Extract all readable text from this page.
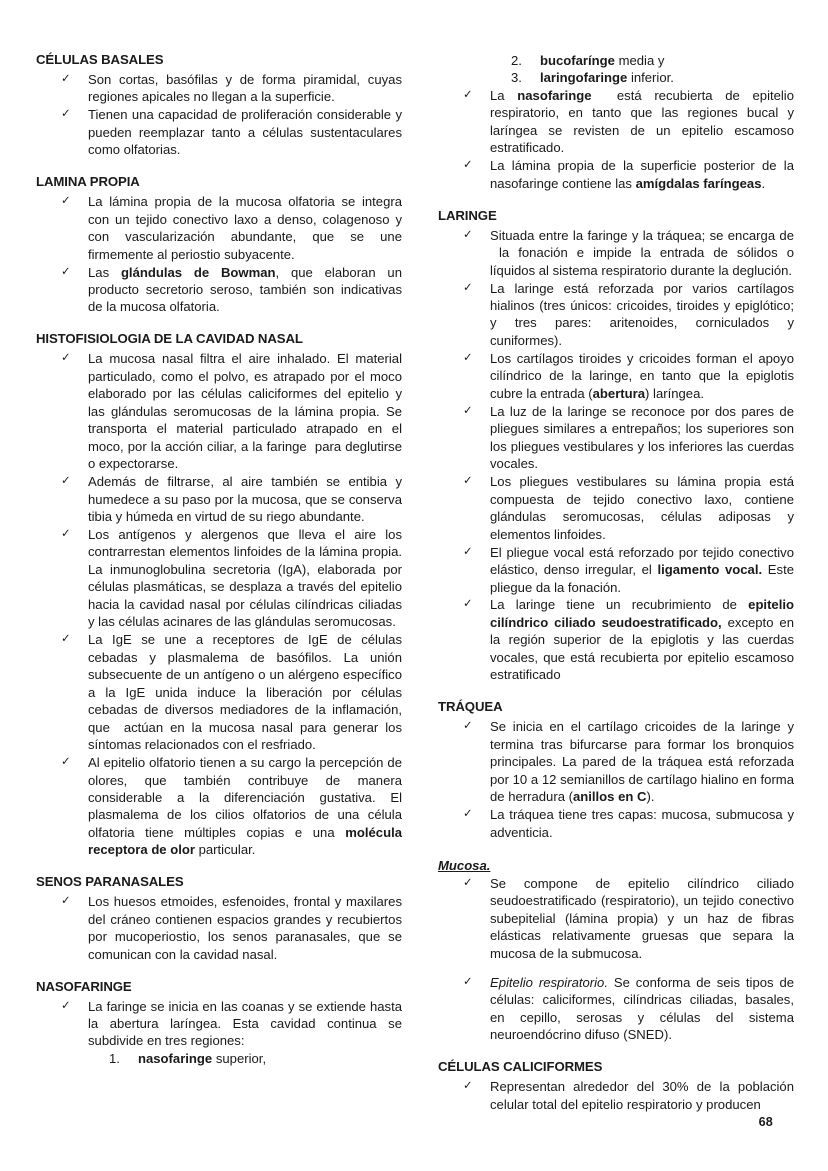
CÉLULAS BASALES
✓ Son cortas, basófilas y de forma piramidal, cuyas regiones apicales no llegan a la superficie.
✓ Tienen una capacidad de proliferación considerable y pueden reemplazar tanto a células sustentaculares como olfatorias.
LAMINA PROPIA
✓ La lámina propia de la mucosa olfatoria se integra con un tejido conectivo laxo a denso, colagenoso y con vascularización abundante, que se une firmemente al periostio subyacente.
✓ Las glándulas de Bowman, que elaboran un producto secretorio seroso, también son indicativas de la mucosa olfatoria.
HISTOFISIOLOGIA DE LA CAVIDAD NASAL
✓ La mucosa nasal filtra el aire inhalado. El material particulado, como el polvo, es atrapado por el moco elaborado por las células caliciformes del epitelio y las glándulas seromucosas de la lámina propia. Se transporta el material particulado atrapado en el moco, por la acción ciliar, a la faringe  para deglutirse o expectorarse.
✓ Además de filtrarse, al aire también se entibia y humedece a su paso por la mucosa, que se conserva tibia y húmeda en virtud de su riego abundante.
✓ Los antígenos y alergenos que lleva el aire los contrarrestan elementos linfoides de la lámina propia. La inmunoglobulina secretoria (IgA), elaborada por células plasmáticas, se desplaza a través del epitelio hacia la cavidad nasal por células cilíndricas ciliadas y las células acinares de las glándulas seromucosas.
✓ La IgE se une a receptores de IgE de células cebadas y plasmalema de basófilos. La unión subsecuente de un antígeno o un alérgeno específico a la IgE unida induce la liberación por células cebadas de diversos mediadores de la inflamación, que  actúan en la mucosa nasal para generar los síntomas relacionados con el resfriado.
✓ Al epitelio olfatorio tienen a su cargo la percepción de olores, que también contribuye de manera considerable a la diferenciación gustativa. El plasmalema de los cilios olfatorios de una célula olfatoria tiene múltiples copias e una molécula receptora de olor particular.
SENOS PARANASALES
✓ Los huesos etmoides, esfenoides, frontal y maxilares del cráneo contienen espacios grandes y recubiertos por mucoperiostio, los senos paranasales, que se comunican con la cavidad nasal.
NASOFARINGE
✓ La faringe se inicia en las coanas y se extiende hasta la abertura laríngea. Esta cavidad continua se subdivide en tres regiones:
1. nasofaringe superior,
2. bucofarínge media y
3. laringofaringe inferior.
✓ La nasofaringe  está recubierta de epitelio respiratorio, en tanto que las regiones bucal y laríngea se revisten de un epitelio escamoso estratificado.
✓ La lámina propia de la superficie posterior de la nasofaringe contiene las amígdalas faríngeas.
LARINGE
✓ Situada entre la faringe y la tráquea; se encarga de  la fonación e impide la entrada de sólidos o líquidos al sistema respiratorio durante la deglución.
✓ La laringe está reforzada por varios cartílagos hialinos (tres únicos: cricoides, tiroides y epiglótico; y tres pares: aritenoides, corniculados y cuniformes).
✓ Los cartílagos tiroides y cricoides forman el apoyo cilíndrico de la laringe, en tanto que la epiglotis cubre la entrada (abertura) laríngea.
✓ La luz de la laringe se reconoce por dos pares de pliegues similares a entrepaños; los superiores son los pliegues vestibulares y los inferiores las cuerdas vocales.
✓ Los pliegues vestibulares su lámina propia está compuesta de tejido conectivo laxo, contiene glándulas seromucosas, células adiposas y elementos linfoides.
✓ El pliegue vocal está reforzado por tejido conectivo elástico, denso irregular, el ligamento vocal. Este pliegue da la fonación.
✓ La laringe tiene un recubrimiento de epitelio cilíndrico ciliado seudoestratificado, excepto en la región superior de la epiglotis y las cuerdas vocales, que está recubierta por epitelio escamoso estratificado
TRÁQUEA
✓ Se inicia en el cartílago cricoides de la laringe y termina tras bifurcarse para formar los bronquios principales. La pared de la tráquea está reforzada por 10 a 12 semianillos de cartílago hialino en forma de herradura (anillos en C).
✓ La tráquea tiene tres capas: mucosa, submucosa y adventicia.
Mucosa.
✓ Se compone de epitelio cilíndrico ciliado seudoestratificado (respiratorio), un tejido conectivo subepitelial (lámina propia) y un haz de fibras elásticas relativamente gruesas que separa la mucosa de la submucosa.
✓ Epitelio respiratorio. Se conforma de seis tipos de células: caliciformes, cilíndricas ciliadas, basales, en cepillo, serosas y células del sistema neuroendócrino difuso (SNED).
CÉLULAS CALICIFORMES
✓ Representan alrededor del 30% de la población celular total del epitelio respiratorio y producen
68
